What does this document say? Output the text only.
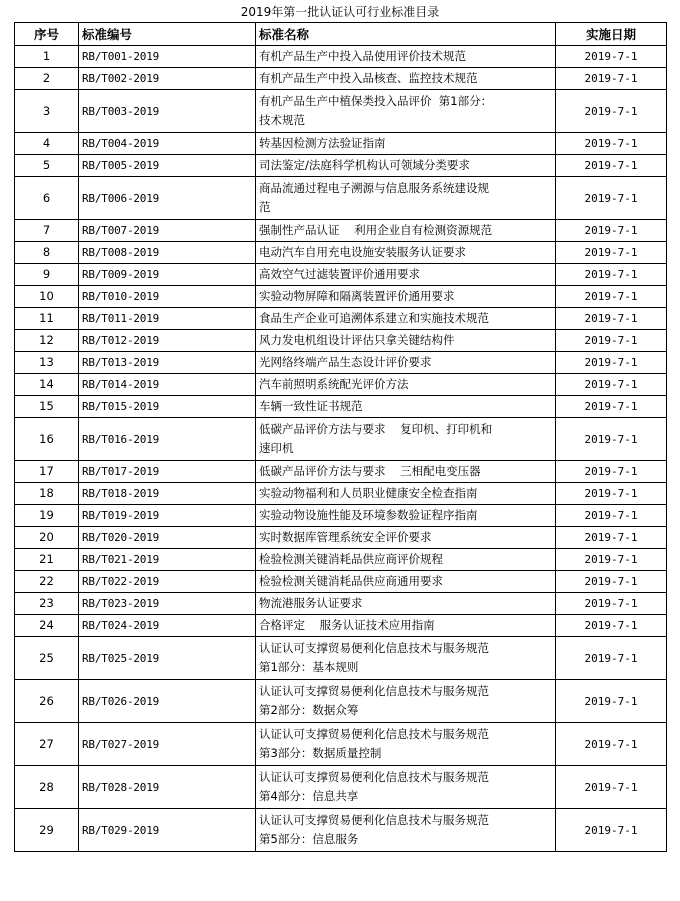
2019年第一批认证认可行业标准目录
序号	标准编号	标准名称	实施日期
1	RB/T001-2019	有机产品生产中投入品使用评价技术规范	2019-7-1
2	RB/T002-2019	有机产品生产中投入品核查、监控技术规范	2019-7-1
3	RB/T003-2019	有机产品生产中植保类投入品评价  第1部分：
技术规范	2019-7-1
4	RB/T004-2019	转基因检测方法验证指南	2019-7-1
5	RB/T005-2019	司法鉴定/法庭科学机构认可领域分类要求	2019-7-1
6	RB/T006-2019	商品流通过程电子溯源与信息服务系统建设规
范	2019-7-1
7	RB/T007-2019	强制性产品认证    利用企业自有检测资源规范	2019-7-1
8	RB/T008-2019	电动汽车自用充电设施安装服务认证要求	2019-7-1
9	RB/T009-2019	高效空气过滤装置评价通用要求	2019-7-1
10	RB/T010-2019	实验动物屏障和隔离装置评价通用要求	2019-7-1
11	RB/T011-2019	食品生产企业可追溯体系建立和实施技术规范	2019-7-1
12	RB/T012-2019	风力发电机组设计评估只拿关键结构件	2019-7-1
13	RB/T013-2019	光网络终端产品生态设计评价要求	2019-7-1
14	RB/T014-2019	汽车前照明系统配光评价方法	2019-7-1
15	RB/T015-2019	车辆一致性证书规范	2019-7-1
16	RB/T016-2019	低碳产品评价方法与要求    复印机、打印机和
速印机	2019-7-1
17	RB/T017-2019	低碳产品评价方法与要求    三相配电变压器	2019-7-1
18	RB/T018-2019	实验动物福利和人员职业健康安全检查指南	2019-7-1
19	RB/T019-2019	实验动物设施性能及环境参数验证程序指南	2019-7-1
20	RB/T020-2019	实时数据库管理系统安全评价要求	2019-7-1
21	RB/T021-2019	检验检测关键消耗品供应商评价规程	2019-7-1
22	RB/T022-2019	检验检测关键消耗品供应商通用要求	2019-7-1
23	RB/T023-2019	物流港服务认证要求	2019-7-1
24	RB/T024-2019	合格评定    服务认证技术应用指南	2019-7-1
25	RB/T025-2019	认证认可支撑贸易便利化信息技术与服务规范
第1部分：基本规则	2019-7-1
26	RB/T026-2019	认证认可支撑贸易便利化信息技术与服务规范
第2部分：数据众筹	2019-7-1
27	RB/T027-2019	认证认可支撑贸易便利化信息技术与服务规范
第3部分：数据质量控制	2019-7-1
28	RB/T028-2019	认证认可支撑贸易便利化信息技术与服务规范
第4部分：信息共享	2019-7-1
29	RB/T029-2019	认证认可支撑贸易便利化信息技术与服务规范
第5部分：信息服务	2019-7-1
